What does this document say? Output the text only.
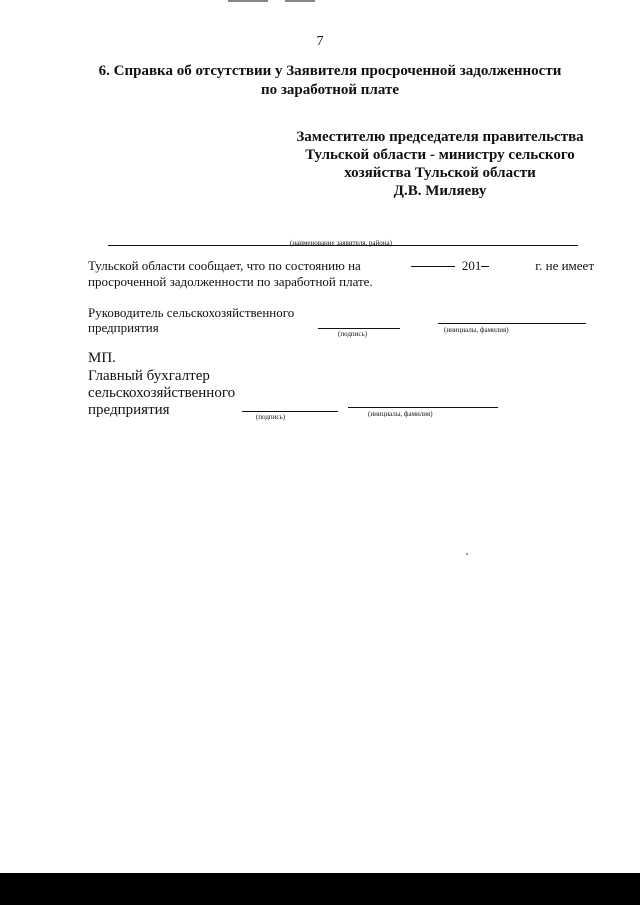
7
6. Справка об отсутствии у Заявителя просроченной задолженности
по заработной плате
Заместителю председателя правительства
Тульской области - министру сельского
хозяйства Тульской области
Д.В. Миляеву
(наименование заявителя, района)
Тульской области сообщает, что по состоянию на	201	г. не имеет
просроченной задолженности по заработной плате.
Руководитель сельскохозяйственного
предприятия	(подпись)	(инициалы, фамилия)
МП.
Главный бухгалтер
сельскохозяйственного
предприятия	(подпись)	(инициалы, фамилия)
